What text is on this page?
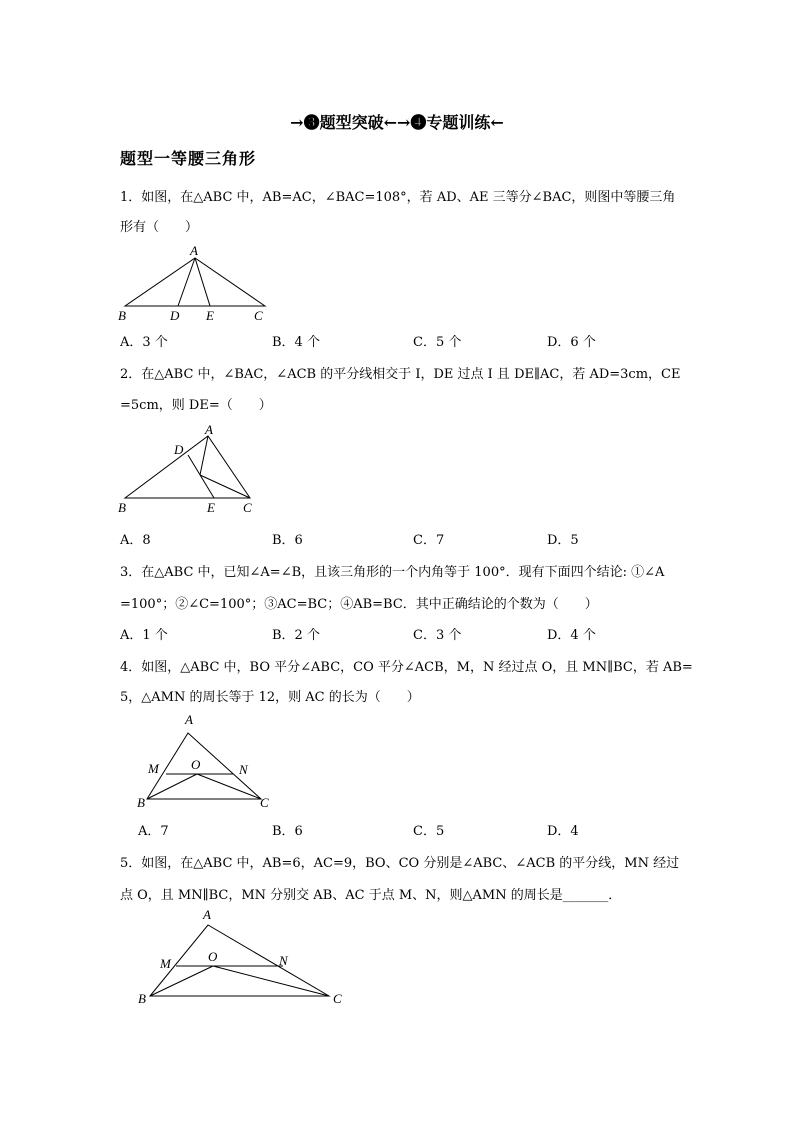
→❸题型突破←→❹专题训练←
题型一等腰三角形
1．如图，在△ABC 中，AB=AC，∠BAC=108°，若 AD、AE 三等分∠BAC，则图中等腰三角
形有（　　）
A
B	D E	C
A．3 个	B．4 个	C．5 个	D．6 个
2．在△ABC 中，∠BAC，∠ACB 的平分线相交于 I，DE 过点 I 且 DE∥AC，若 AD=3cm，CE
=5cm，则 DE=（　　）
A
D
B	E C
A．8	B．6	C．7	D．5
3．在△ABC 中，已知∠A=∠B，且该三角形的一个内角等于 100°．现有下面四个结论: ①∠A
=100°；②∠C=100°；③AC=BC；④AB=BC．其中正确结论的个数为（　　）
A．1 个	B．2 个	C．3 个	D．4 个
4．如图，△ABC 中，BO 平分∠ABC，CO 平分∠ACB，M，N 经过点 O，且 MN∥BC，若 AB=
5，△AMN 的周长等于 12，则 AC 的长为（　　）
A
M O	N
B	C
A．7	B．6	C．5	D．4
5．如图，在△ABC 中，AB=6，AC=9，BO、CO 分别是∠ABC、∠ACB 的平分线，MN 经过
点 O，且 MN∥BC，MN 分别交 AB、AC 于点 M、N，则△AMN 的周长是_______．
A
M	O	N
B	C
